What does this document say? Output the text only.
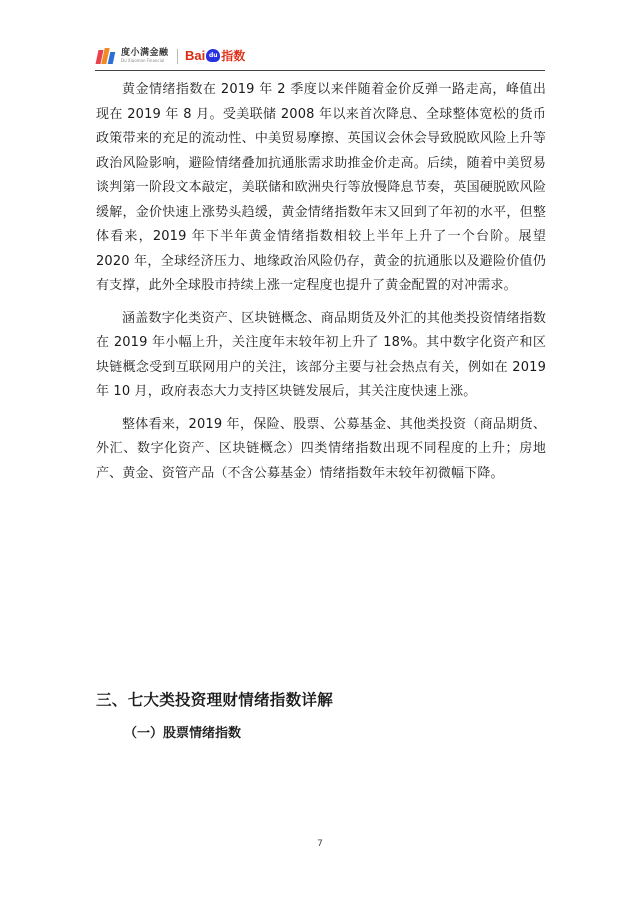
度小满金融
Du Xiaoman Financial	Bai du 指数

黄金情绪指数在 2019 年 2 季度以来伴随着金价反弹一路走高，峰值出现在 2019 年 8 月。受美联储 2008 年以来首次降息、全球整体宽松的货币政策带来的充足的流动性、中美贸易摩擦、英国议会休会导致脱欧风险上升等政治风险影响，避险情绪叠加抗通胀需求助推金价走高。后续，随着中美贸易谈判第一阶段文本敲定，美联储和欧洲央行等放慢降息节奏，英国硬脱欧风险缓解，金价快速上涨势头趋缓，黄金情绪指数年末又回到了年初的水平，但整体看来，2019 年下半年黄金情绪指数相较上半年上升了一个台阶。展望 2020 年，全球经济压力、地缘政治风险仍存，黄金的抗通胀以及避险价值仍有支撑，此外全球股市持续上涨一定程度也提升了黄金配置的对冲需求。

涵盖数字化类资产、区块链概念、商品期货及外汇的其他类投资情绪指数在 2019 年小幅上升，关注度年末较年初上升了 18%。其中数字化资产和区块链概念受到互联网用户的关注，该部分主要与社会热点有关，例如在 2019 年 10 月，政府表态大力支持区块链发展后，其关注度快速上涨。

整体看来，2019 年，保险、股票、公募基金、其他类投资（商品期货、外汇、数字化资产、区块链概念）四类情绪指数出现不同程度的上升；房地产、黄金、资管产品（不含公募基金）情绪指数年末较年初微幅下降。

三、七大类投资理财情绪指数详解
（一）股票情绪指数
7
